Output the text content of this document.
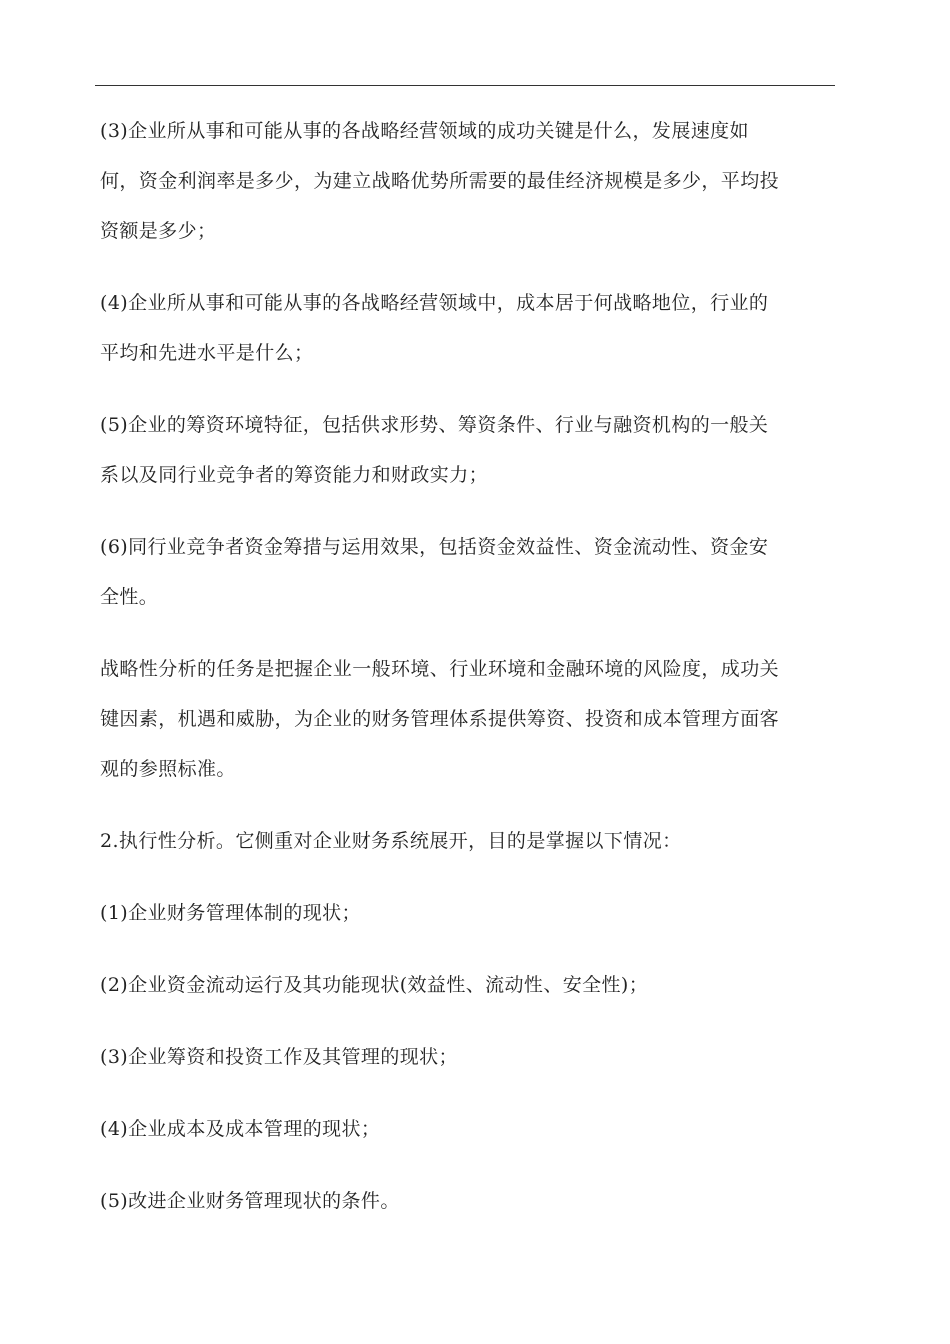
(3)企业所从事和可能从事的各战略经营领域的成功关键是什么，发展速度如
何，资金利润率是多少，为建立战略优势所需要的最佳经济规模是多少，平均投
资额是多少；

(4)企业所从事和可能从事的各战略经营领域中，成本居于何战略地位，行业的
平均和先进水平是什么；

(5)企业的筹资环境特征，包括供求形势、筹资条件、行业与融资机构的一般关
系以及同行业竞争者的筹资能力和财政实力；

(6)同行业竞争者资金筹措与运用效果，包括资金效益性、资金流动性、资金安
全性。

战略性分析的任务是把握企业一般环境、行业环境和金融环境的风险度，成功关
键因素，机遇和威胁，为企业的财务管理体系提供筹资、投资和成本管理方面客
观的参照标准。

2.执行性分析。它侧重对企业财务系统展开，目的是掌握以下情况：

(1)企业财务管理体制的现状；

(2)企业资金流动运行及其功能现状(效益性、流动性、安全性)；

(3)企业筹资和投资工作及其管理的现状；

(4)企业成本及成本管理的现状；

(5)改进企业财务管理现状的条件。
